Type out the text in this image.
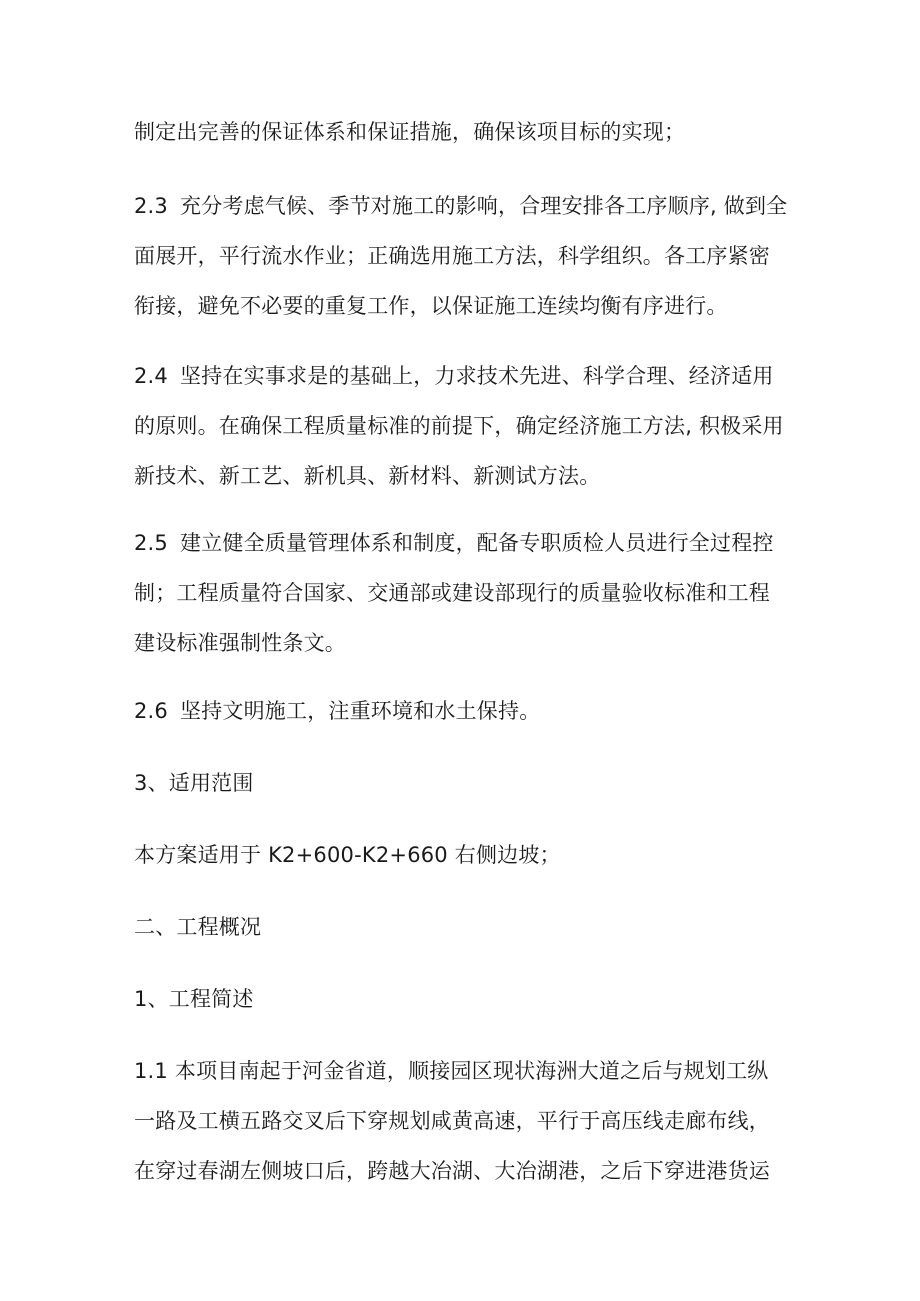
制定出完善的保证体系和保证措施，确保该项目标的实现；

2.3 充分考虑气候、季节对施工的影响，合理安排各工序顺序, 做到全
面展开，平行流水作业；正确选用施工方法，科学组织。各工序紧密
衔接，避免不必要的重复工作，以保证施工连续均衡有序进行。

2.4 坚持在实事求是的基础上，力求技术先进、科学合理、经济适用
的原则。在确保工程质量标准的前提下，确定经济施工方法, 积极采用
新技术、新工艺、新机具、新材料、新测试方法。

2.5 建立健全质量管理体系和制度，配备专职质检人员进行全过程控
制；工程质量符合国家、交通部或建设部现行的质量验收标准和工程
建设标准强制性条文。

2.6 坚持文明施工，注重环境和水土保持。

3、适用范围

本方案适用于 K2+600-K2+660 右侧边坡；

二、工程概况

1、工程简述

1.1 本项目南起于河金省道，顺接园区现状海洲大道之后与规划工纵
一路及工横五路交叉后下穿规划咸黄高速，平行于高压线走廊布线，
在穿过春湖左侧坡口后，跨越大冶湖、大冶湖港，之后下穿进港货运
